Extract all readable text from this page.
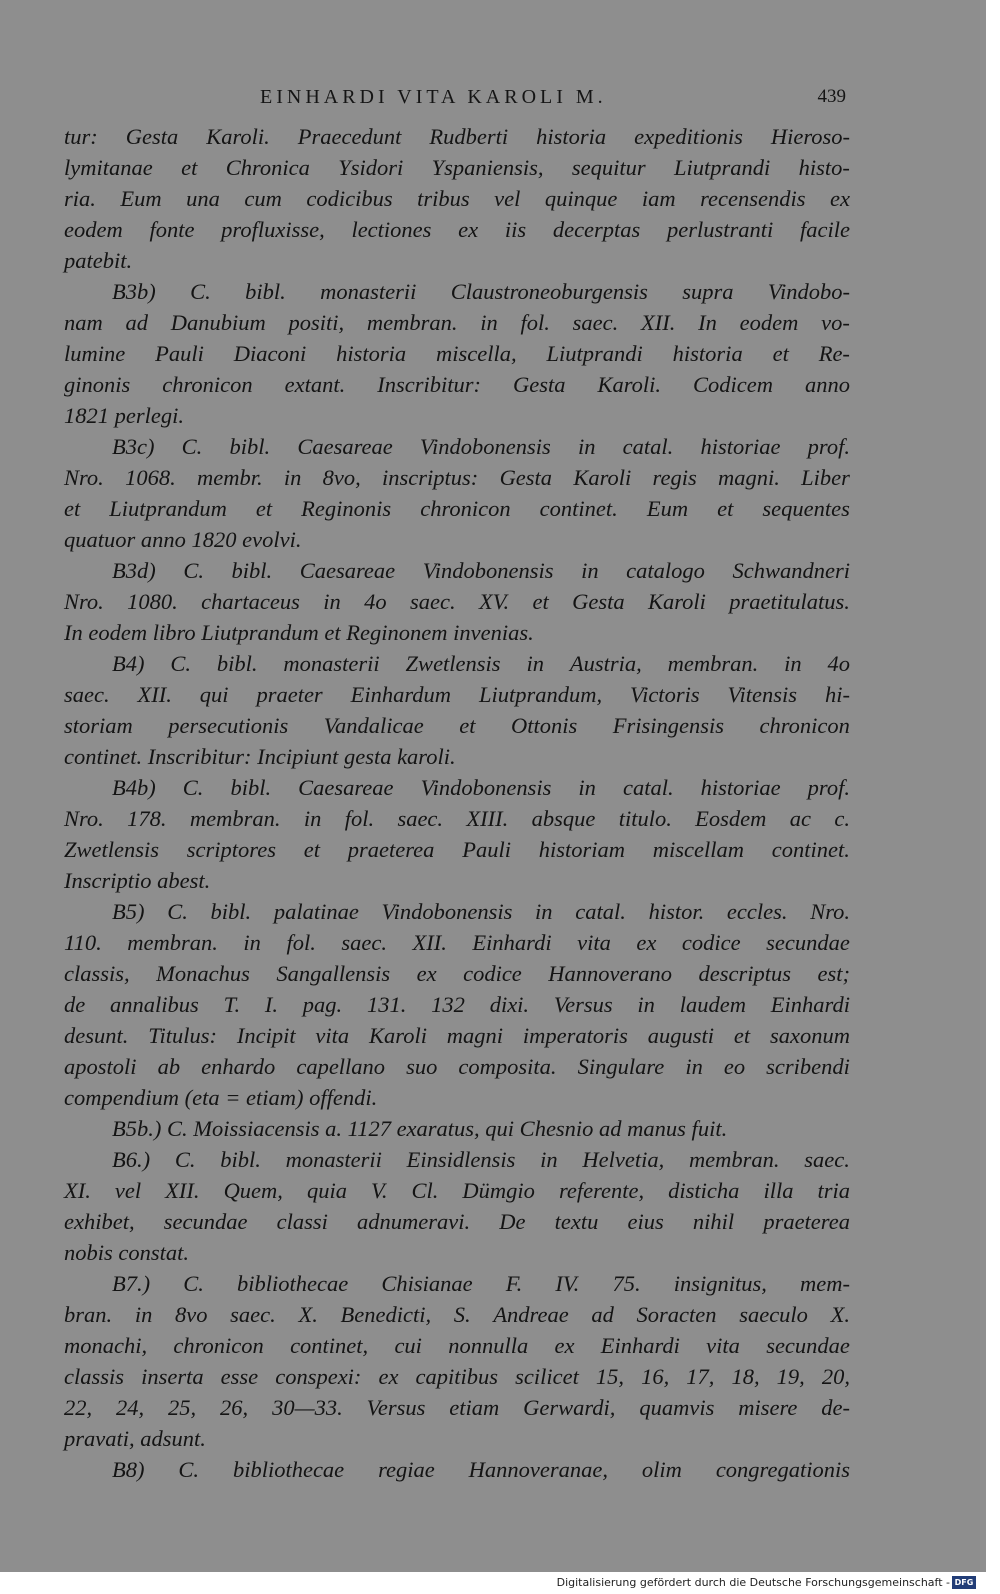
EINHARDI VITA KAROLI M.	439
tur: Gesta Karoli. Praecedunt Rudberti historia expeditionis Hieroso-
lymitanae et Chronica Ysidori Yspaniensis, sequitur Liutprandi histo-
ria. Eum una cum codicibus tribus vel quinque iam recensendis ex
eodem fonte profluxisse, lectiones ex iis decerptas perlustranti facile
patebit.
B3b) C. bibl. monasterii Claustroneoburgensis supra Vindobo-
nam ad Danubium positi, membran. in fol. saec. XII. In eodem vo-
lumine Pauli Diaconi historia miscella, Liutprandi historia et Re-
ginonis chronicon extant. Inscribitur: Gesta Karoli. Codicem anno
1821 perlegi.
B3c) C. bibl. Caesareae Vindobonensis in catal. historiae prof.
Nro. 1068. membr. in 8vo, inscriptus: Gesta Karoli regis magni. Liber
et Liutprandum et Reginonis chronicon continet. Eum et sequentes
quatuor anno 1820 evolvi.
B3d) C. bibl. Caesareae Vindobonensis in catalogo Schwandneri
Nro. 1080. chartaceus in 4o saec. XV. et Gesta Karoli praetitulatus.
In eodem libro Liutprandum et Reginonem invenias.
B4) C. bibl. monasterii Zwetlensis in Austria, membran. in 4o
saec. XII. qui praeter Einhardum Liutprandum, Victoris Vitensis hi-
storiam persecutionis Vandalicae et Ottonis Frisingensis chronicon
continet. Inscribitur: Incipiunt gesta karoli.
B4b) C. bibl. Caesareae Vindobonensis in catal. historiae prof.
Nro. 178. membran. in fol. saec. XIII. absque titulo. Eosdem ac c.
Zwetlensis scriptores et praeterea Pauli historiam miscellam continet.
Inscriptio abest.
B5) C. bibl. palatinae Vindobonensis in catal. histor. eccles. Nro.
110. membran. in fol. saec. XII. Einhardi vita ex codice secundae
classis, Monachus Sangallensis ex codice Hannoverano descriptus est;
de annalibus T. I. pag. 131. 132 dixi. Versus in laudem Einhardi
desunt. Titulus: Incipit vita Karoli magni imperatoris augusti et saxonum
apostoli ab enhardo capellano suo composita. Singulare in eo scribendi
compendium (eta = etiam) offendi.
B5b.) C. Moissiacensis a. 1127 exaratus, qui Chesnio ad manus fuit.
B6.) C. bibl. monasterii Einsidlensis in Helvetia, membran. saec.
XI. vel XII. Quem, quia V. Cl. Dümgio referente, disticha illa tria
exhibet, secundae classi adnumeravi. De textu eius nihil praeterea
nobis constat.
B7.) C. bibliothecae Chisianae F. IV. 75. insignitus, mem-
bran. in 8vo saec. X. Benedicti, S. Andreae ad Soracten saeculo X.
monachi, chronicon continet, cui nonnulla ex Einhardi vita secundae
classis inserta esse conspexi: ex capitibus scilicet 15, 16, 17, 18, 19, 20,
22, 24, 25, 26, 30—33. Versus etiam Gerwardi, quamvis misere de-
pravati, adsunt.
B8) C. bibliothecae regiae Hannoveranae, olim congregationis
Digitalisierung gefördert durch die Deutsche Forschungsgemeinschaft - DFG
